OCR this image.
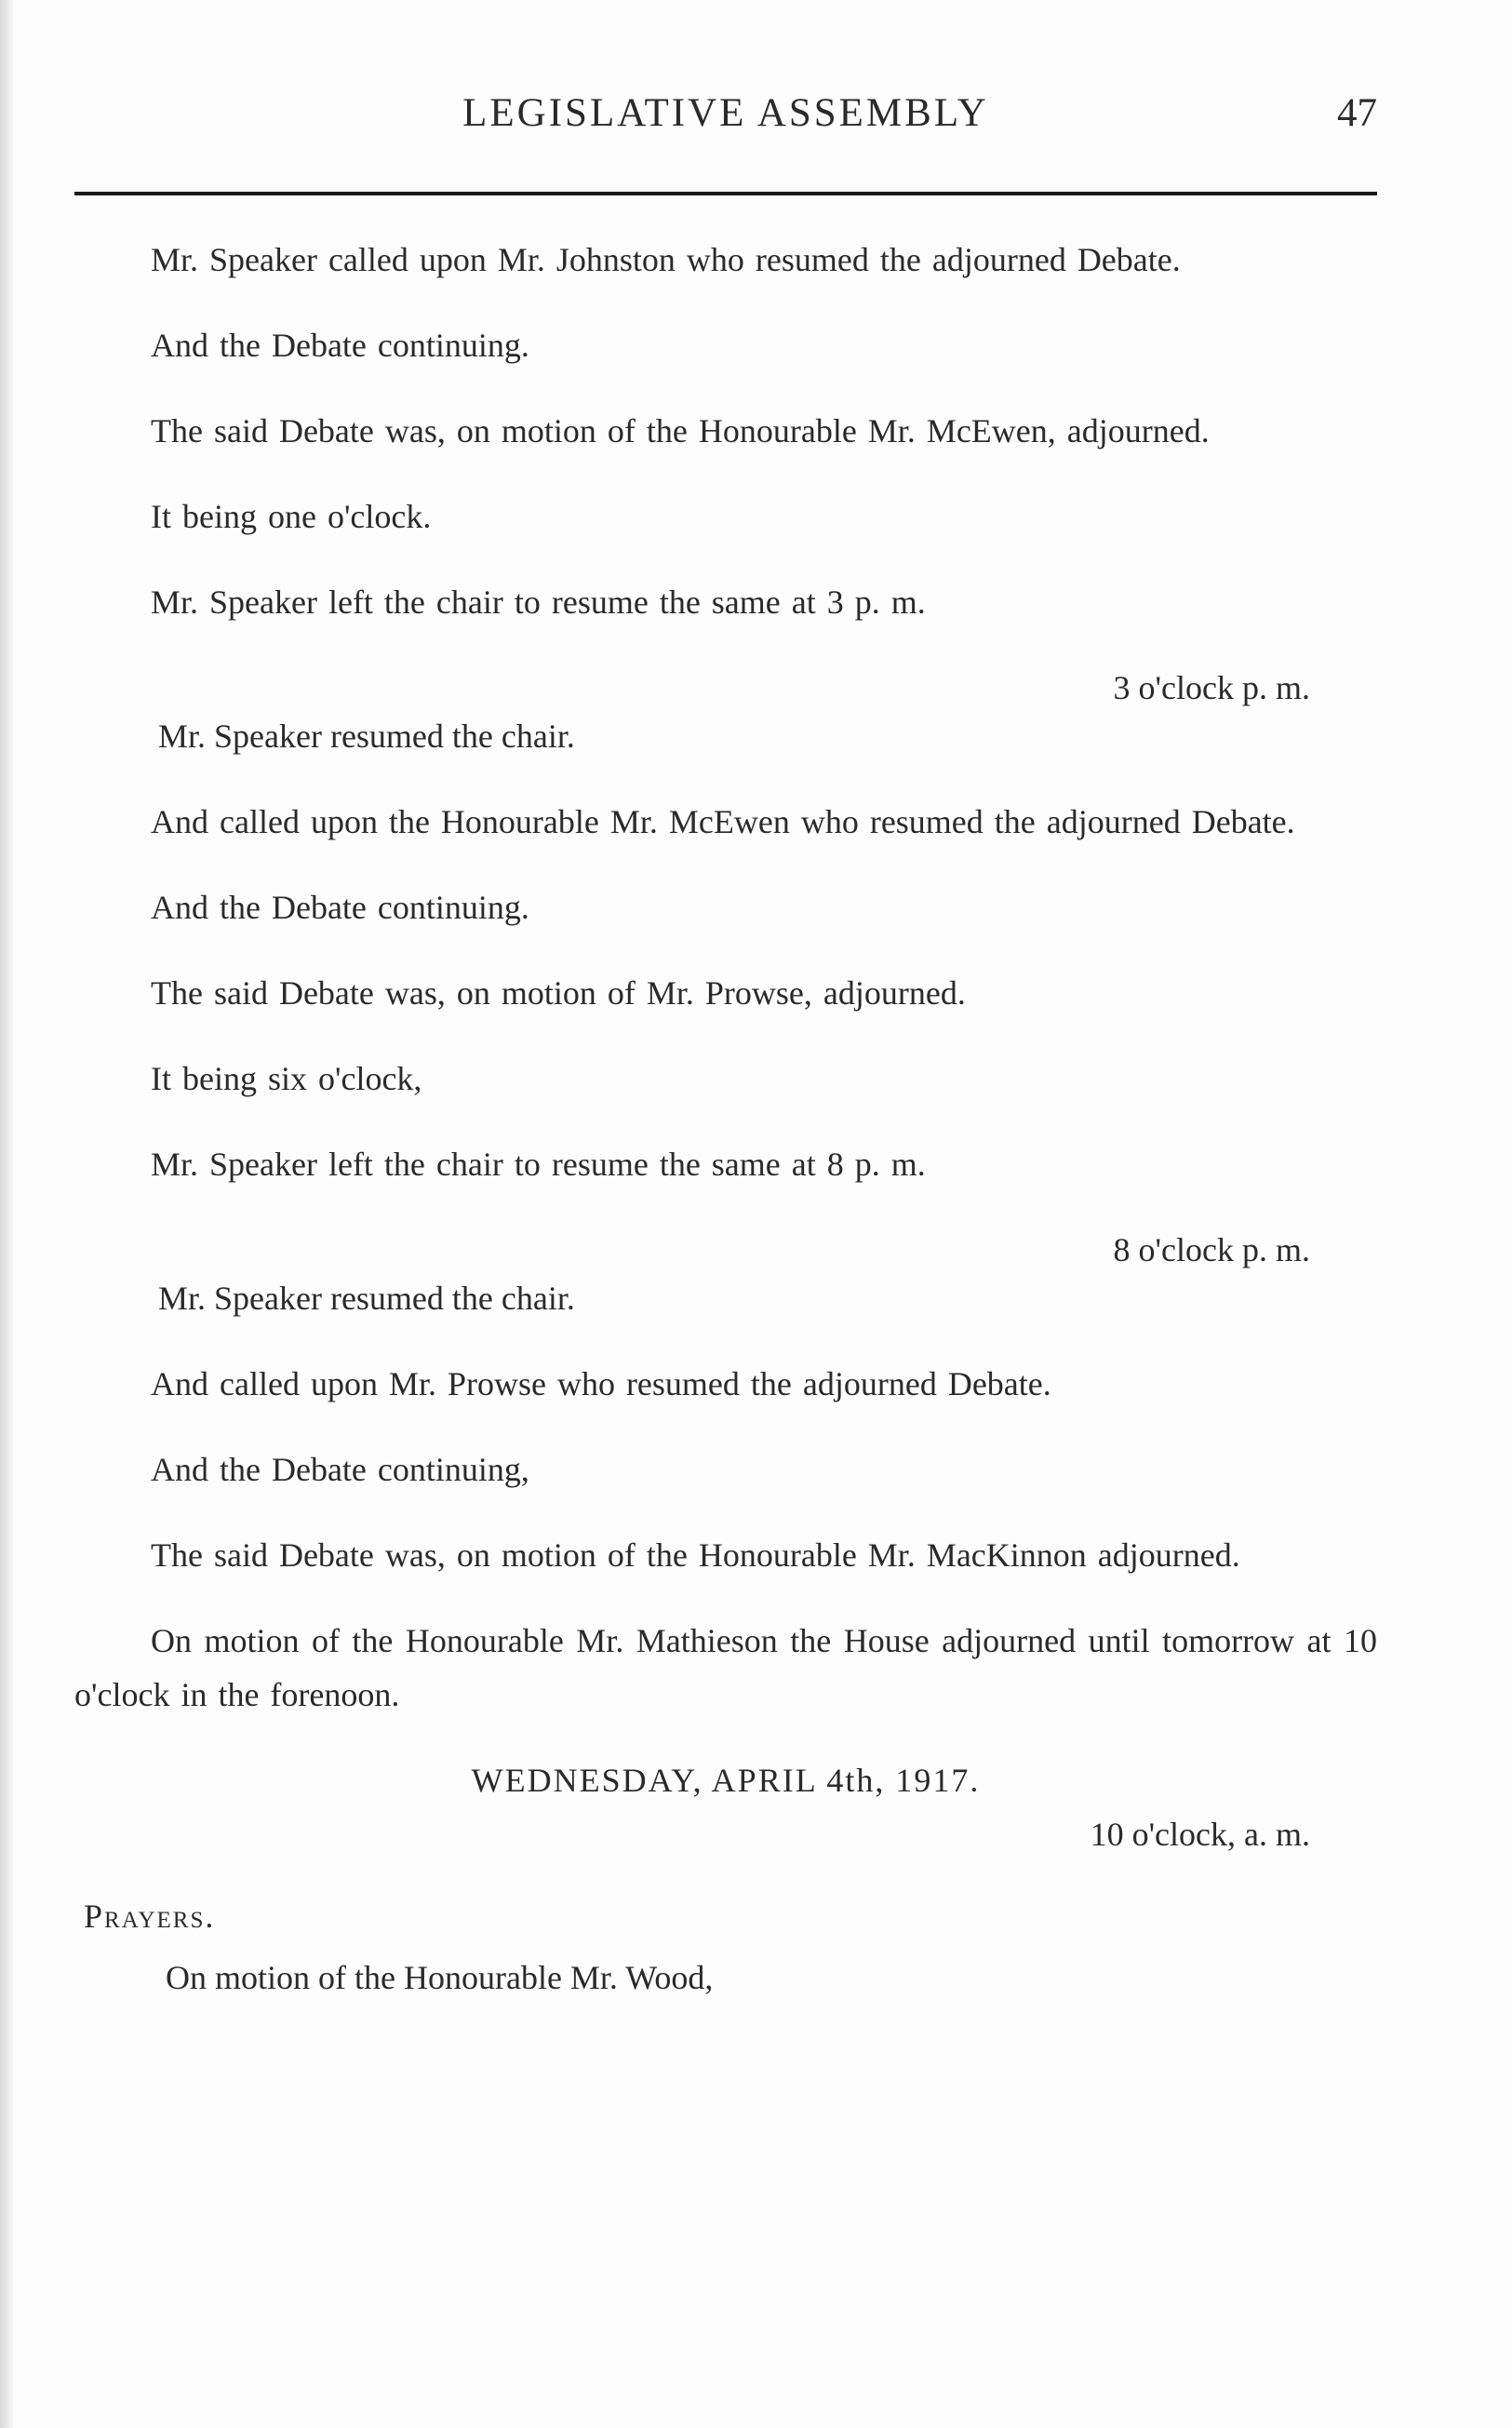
LEGISLATIVE ASSEMBLY	47

Mr. Speaker called upon Mr. Johnston who resumed the adjourned Debate.

And the Debate continuing.

The said Debate was, on motion of the Honourable Mr. McEwen, adjourned.

It being one o'clock.

Mr. Speaker left the chair to resume the same at 3 p. m.

3 o'clock p. m.
Mr. Speaker resumed the chair.

And called upon the Honourable Mr. McEwen who resumed the adjourned Debate.

And the Debate continuing.

The said Debate was, on motion of Mr. Prowse, adjourned.

It being six o'clock,

Mr. Speaker left the chair to resume the same at 8 p. m.

8 o'clock p. m.
Mr. Speaker resumed the chair.

And called upon Mr. Prowse who resumed the adjourned Debate.

And the Debate continuing,

The said Debate was, on motion of the Honourable Mr. MacKinnon adjourned.

On motion of the Honourable Mr. Mathieson the House adjourned until tomorrow at 10 o'clock in the forenoon.

WEDNESDAY, APRIL 4th, 1917.
10 o'clock, a. m.
Prayers.
On motion of the Honourable Mr. Wood,
